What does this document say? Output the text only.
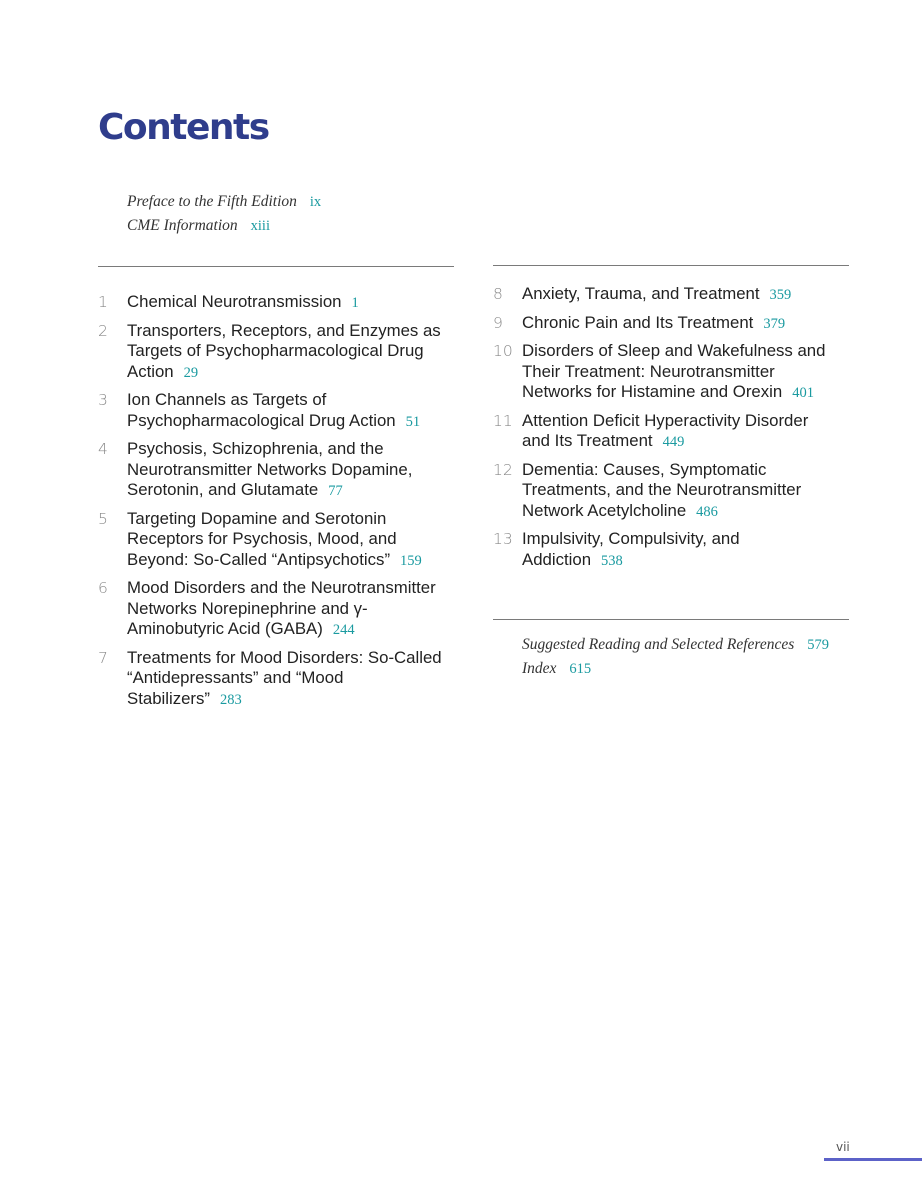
Contents
Preface to the Fifth Edition ix
CME Information xiii
1 Chemical Neurotransmission 1
2 Transporters, Receptors, and Enzymes as Targets of Psychopharmacological Drug Action 29
3 Ion Channels as Targets of Psychopharmacological Drug Action 51
4 Psychosis, Schizophrenia, and the Neurotransmitter Networks Dopamine, Serotonin, and Glutamate 77
5 Targeting Dopamine and Serotonin Receptors for Psychosis, Mood, and Beyond: So-Called “Antipsychotics” 159
6 Mood Disorders and the Neurotransmitter Networks Norepinephrine and γ-Aminobutyric Acid (GABA) 244
7 Treatments for Mood Disorders: So-Called “Antidepressants” and “Mood Stabilizers” 283
8 Anxiety, Trauma, and Treatment 359
9 Chronic Pain and Its Treatment 379
10 Disorders of Sleep and Wakefulness and Their Treatment: Neurotransmitter Networks for Histamine and Orexin 401
11 Attention Deficit Hyperactivity Disorder and Its Treatment 449
12 Dementia: Causes, Symptomatic Treatments, and the Neurotransmitter Network Acetylcholine 486
13 Impulsivity, Compulsivity, and Addiction 538
Suggested Reading and Selected References 579
Index 615
vii
